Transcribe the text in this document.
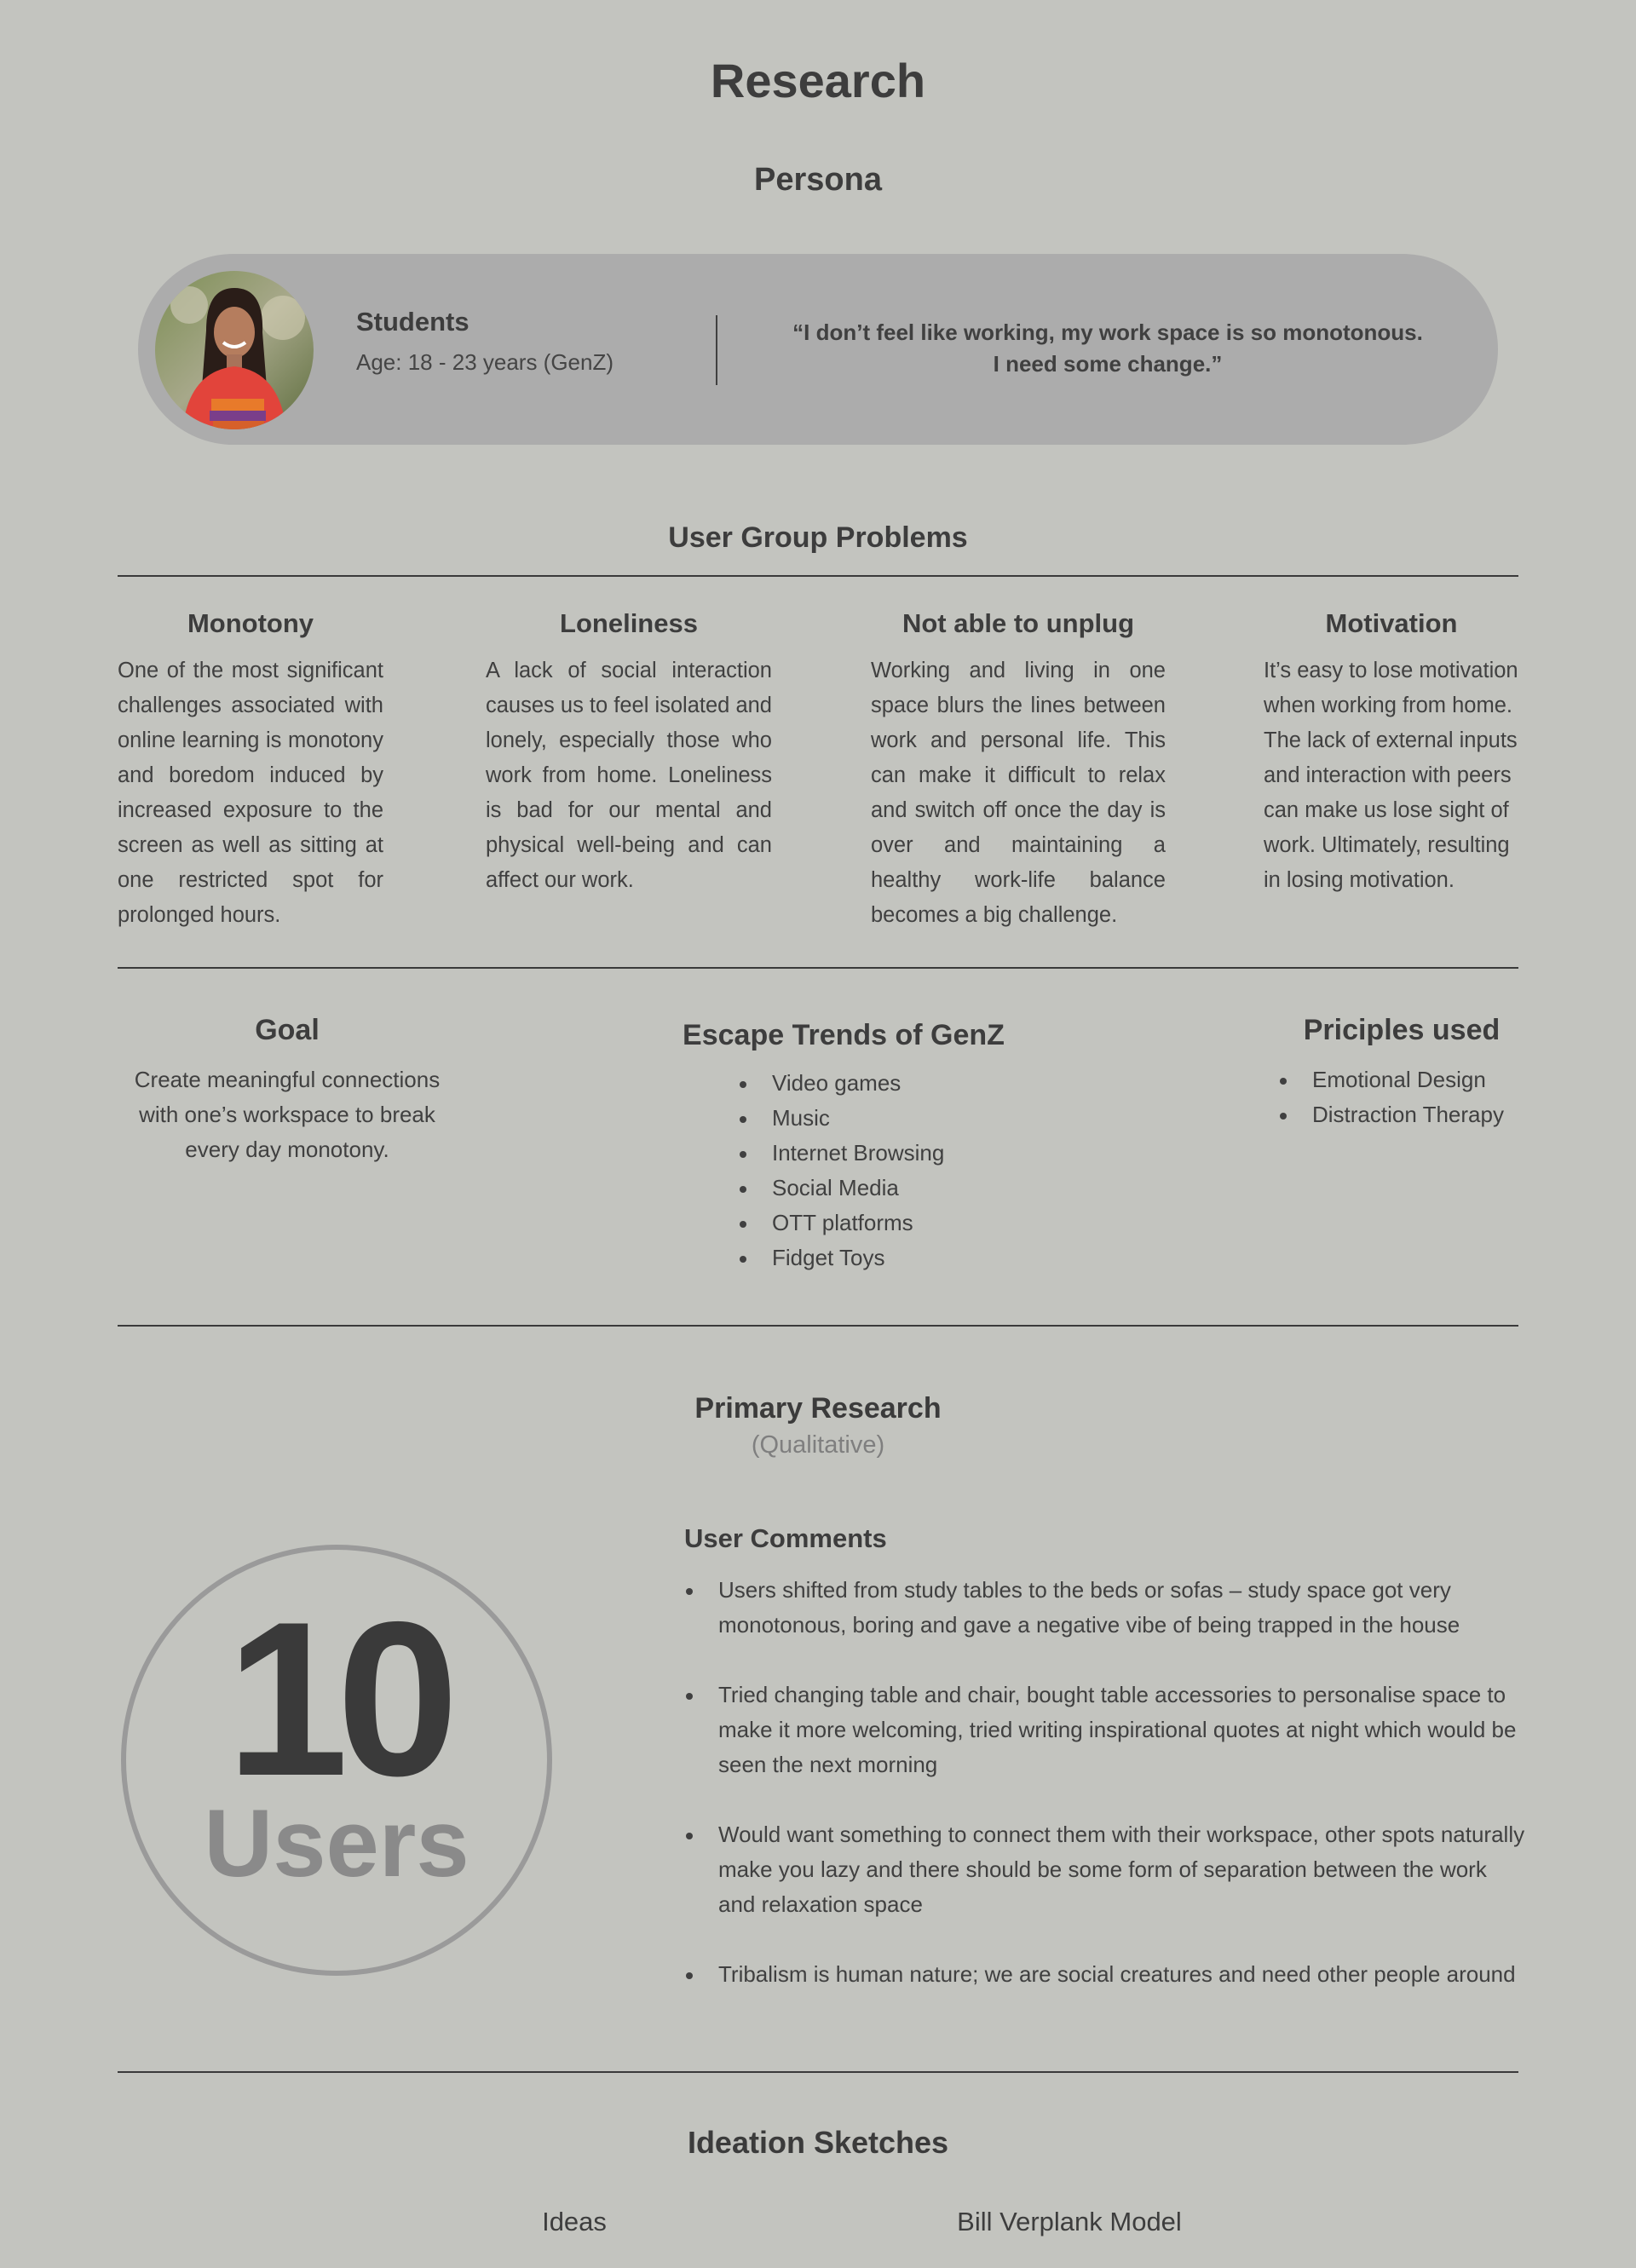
Research
Persona
Students
Age: 18 - 23 years (GenZ)
“I don’t feel like working, my work space is so monotonous.
I need some change.”
User Group Problems
Monotony
One of the most significant challenges associated with online learning is monotony and boredom induced by increased exposure to the screen as well as sitting at one restricted spot for prolonged hours.
Loneliness
A lack of social interaction causes us to feel isolated and lonely, especially those who work from home. Loneliness is bad for our mental and physical well-being and can affect our work.
Not able to unplug
Working and living in one space blurs the lines between work and personal life. This can make it difficult to relax and switch off once the day is over and maintaining a healthy work-life balance becomes a big challenge.
Motivation
It’s easy to lose motivation when working from home. The lack of external inputs and interaction with peers can make us lose sight of work. Ultimately, resulting in losing motivation.
Goal
Create meaningful connections with one’s workspace to break every day monotony.
Escape Trends of GenZ
Video games
Music
Internet Browsing
Social Media
OTT platforms
Fidget Toys
Priciples used
Emotional Design
Distraction Therapy
Primary Research
(Qualitative)
10
Users
User Comments
Users shifted from study tables to the beds or sofas – study space got very monotonous, boring and gave a negative vibe of being trapped in the house
Tried changing table and chair, bought table accessories to personalise space to make it more welcoming, tried writing inspirational quotes at night which would be seen the next morning
Would want something to connect them with their workspace, other spots naturally make you lazy and there should be some form of separation between the work and relaxation space
Tribalism is human nature; we are social creatures and need other people around
Ideation Sketches
Ideas	Bill Verplank Model
